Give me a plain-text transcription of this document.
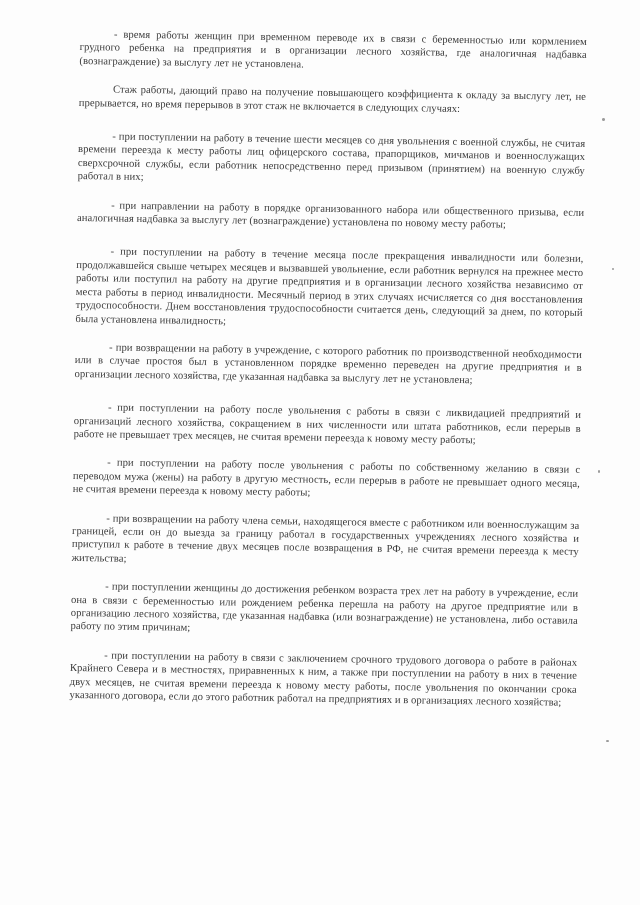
- время работы женщин при временном переводе их в связи с беременностью или кормлением грудного ребенка на предприятия и в организации лесного хозяйства, где аналогичная надбавка (вознаграждение) за выслугу лет не установлена.

Стаж работы, дающий право на получение повышающего коэффициента к окладу за выслугу лет, не прерывается, но время перерывов в этот стаж не включается в следующих случаях:

- при поступлении на работу в течение шести месяцев со дня увольнения с военной службы, не считая времени переезда к месту работы лиц офицерского состава, прапорщиков, мичманов и военнослужащих сверхсрочной службы, если работник непосредственно перед призывом (принятием) на военную службу работал в них;

- при направлении на работу в порядке организованного набора или общественного призыва, если аналогичная надбавка за выслугу лет (вознаграждение) установлена по новому месту работы;

- при поступлении на работу в течение месяца после прекращения инвалидности или болезни, продолжавшейся свыше четырех месяцев и вызвавшей увольнение, если работник вернулся на прежнее место работы или поступил на работу на другие предприятия и в организации лесного хозяйства независимо от места работы в период инвалидности. Месячный период в этих случаях исчисляется со дня восстановления трудоспособности. Днем восстановления трудоспособности считается день, следующий за днем, по который была установлена инвалидность;

- при возвращении на работу в учреждение, с которого работник по производственной необходимости или в случае простоя был в установленном порядке временно переведен на другие предприятия и в организации лесного хозяйства, где указанная надбавка за выслугу лет не установлена;

- при поступлении на работу после увольнения с работы в связи с ликвидацией предприятий и организаций лесного хозяйства, сокращением в них численности или штата работников, если перерыв в работе не превышает трех месяцев, не считая времени переезда к новому месту работы;

- при поступлении на работу после увольнения с работы по собственному желанию в связи с переводом мужа (жены) на работу в другую местность, если перерыв в работе не превышает одного месяца, не считая времени переезда к новому месту работы;

- при возвращении на работу члена семьи, находящегося вместе с работником или военнослужащим за границей, если он до выезда за границу работал в государственных учреждениях лесного хозяйства и приступил к работе в течение двух месяцев после возвращения в РФ, не считая времени переезда к месту жительства;

- при поступлении женщины до достижения ребенком возраста трех лет на работу в учреждение, если она в связи с беременностью или рождением ребенка перешла на работу на другое предприятие или в организацию лесного хозяйства, где указанная надбавка (или вознаграждение) не установлена, либо оставила работу по этим причинам;

- при поступлении на работу в связи с заключением срочного трудового договора о работе в районах Крайнего Севера и в местностях, приравненных к ним, а также при поступлении на работу в них в течение двух месяцев, не считая времени переезда к новому месту работы, после увольнения по окончании срока указанного договора, если до этого работник работал на предприятиях и в организациях лесного хозяйства;
